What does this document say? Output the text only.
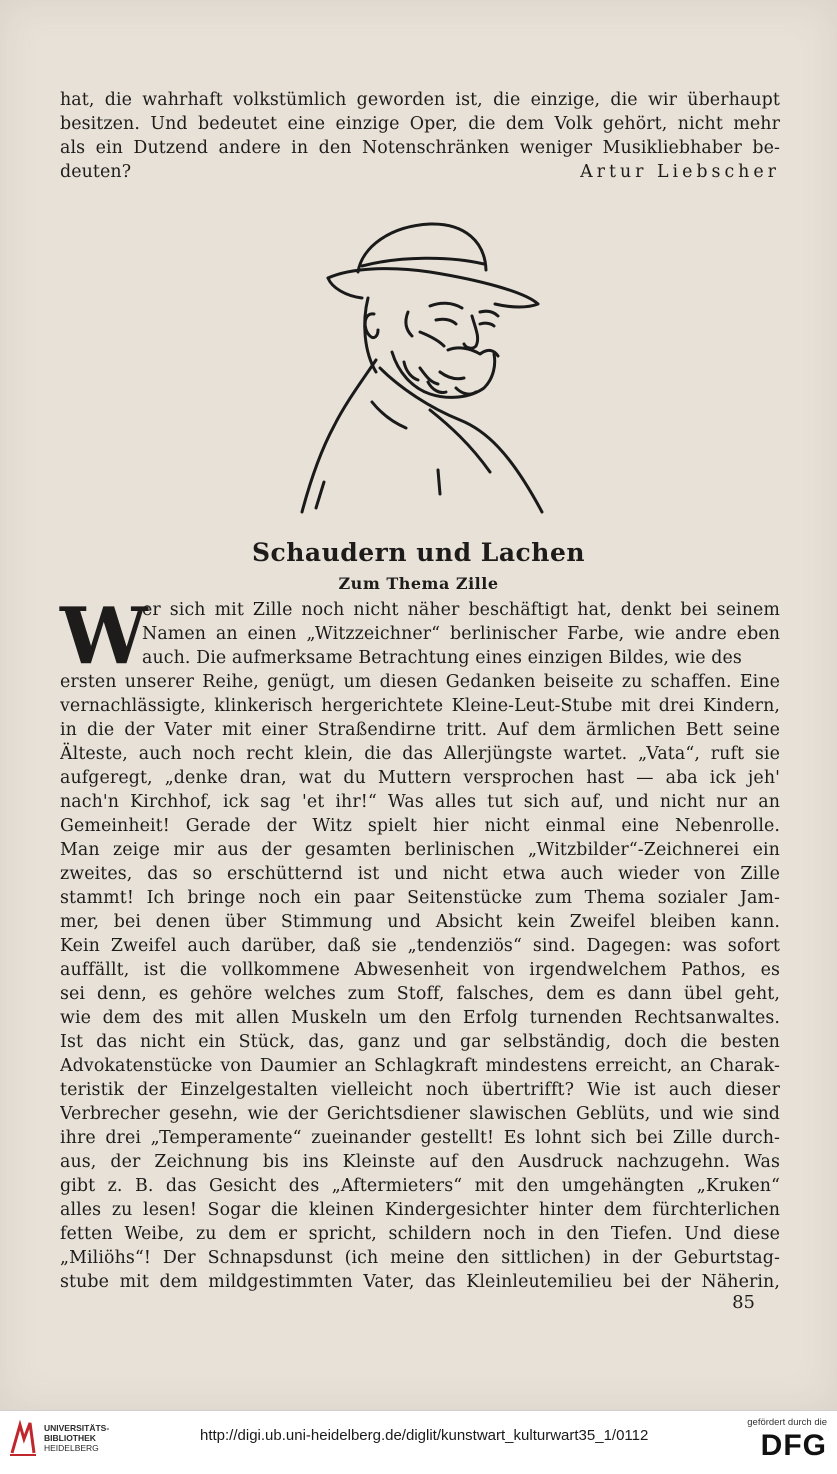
hat, die wahrhaft volkstümlich geworden ist, die einzige, die wir überhaupt
besitzen. Und bedeutet eine einzige Oper, die dem Volk gehört, nicht mehr
als ein Dutzend andere in den Notenschränken weniger Musikliebhaber be-
deuten?	Artur Liebscher
Schaudern und Lachen
Zum Thema Zille
W
er sich mit Zille noch nicht näher beschäftigt hat, denkt bei seinem
Namen an einen „Witzzeichner“ berlinischer Farbe, wie andre eben
auch. Die aufmerksame Betrachtung eines einzigen Bildes, wie des
ersten unserer Reihe, genügt, um diesen Gedanken beiseite zu schaffen. Eine
vernachlässigte, klinkerisch hergerichtete Kleine-Leut-Stube mit drei Kindern,
in die der Vater mit einer Straßendirne tritt. Auf dem ärmlichen Bett seine
Älteste, auch noch recht klein, die das Allerjüngste wartet. „Vata“, ruft sie
aufgeregt, „denke dran, wat du Muttern versprochen hast — aba ick jeh'
nach'n Kirchhof, ick sag 'et ihr!“ Was alles tut sich auf, und nicht nur an
Gemeinheit! Gerade der Witz spielt hier nicht einmal eine Nebenrolle.
Man zeige mir aus der gesamten berlinischen „Witzbilder“-Zeichnerei ein
zweites, das so erschütternd ist und nicht etwa auch wieder von Zille
stammt! Ich bringe noch ein paar Seitenstücke zum Thema sozialer Jam-
mer, bei denen über Stimmung und Absicht kein Zweifel bleiben kann.
Kein Zweifel auch darüber, daß sie „tendenziös“ sind. Dagegen: was sofort
auffällt, ist die vollkommene Abwesenheit von irgendwelchem Pathos, es
sei denn, es gehöre welches zum Stoff, falsches, dem es dann übel geht,
wie dem des mit allen Muskeln um den Erfolg turnenden Rechtsanwaltes.
Ist das nicht ein Stück, das, ganz und gar selbständig, doch die besten
Advokatenstücke von Daumier an Schlagkraft mindestens erreicht, an Charak-
teristik der Einzelgestalten vielleicht noch übertrifft? Wie ist auch dieser
Verbrecher gesehn, wie der Gerichtsdiener slawischen Geblüts, und wie sind
ihre drei „Temperamente“ zueinander gestellt! Es lohnt sich bei Zille durch-
aus, der Zeichnung bis ins Kleinste auf den Ausdruck nachzugehn. Was
gibt z. B. das Gesicht des „Aftermieters“ mit den umgehängten „Kruken“
alles zu lesen! Sogar die kleinen Kindergesichter hinter dem fürchterlichen
fetten Weibe, zu dem er spricht, schildern noch in den Tiefen. Und diese
„Miliöhs“! Der Schnapsdunst (ich meine den sittlichen) in der Geburtstag-
stube mit dem mildgestimmten Vater, das Kleinleutemilieu bei der Näherin,
85
UNIVERSITÄTS-
BIBLIOTHEK
HEIDELBERG
http://digi.ub.uni-heidelberg.de/diglit/kunstwart_kulturwart35_1/0112
gefördert durch die
DFG
